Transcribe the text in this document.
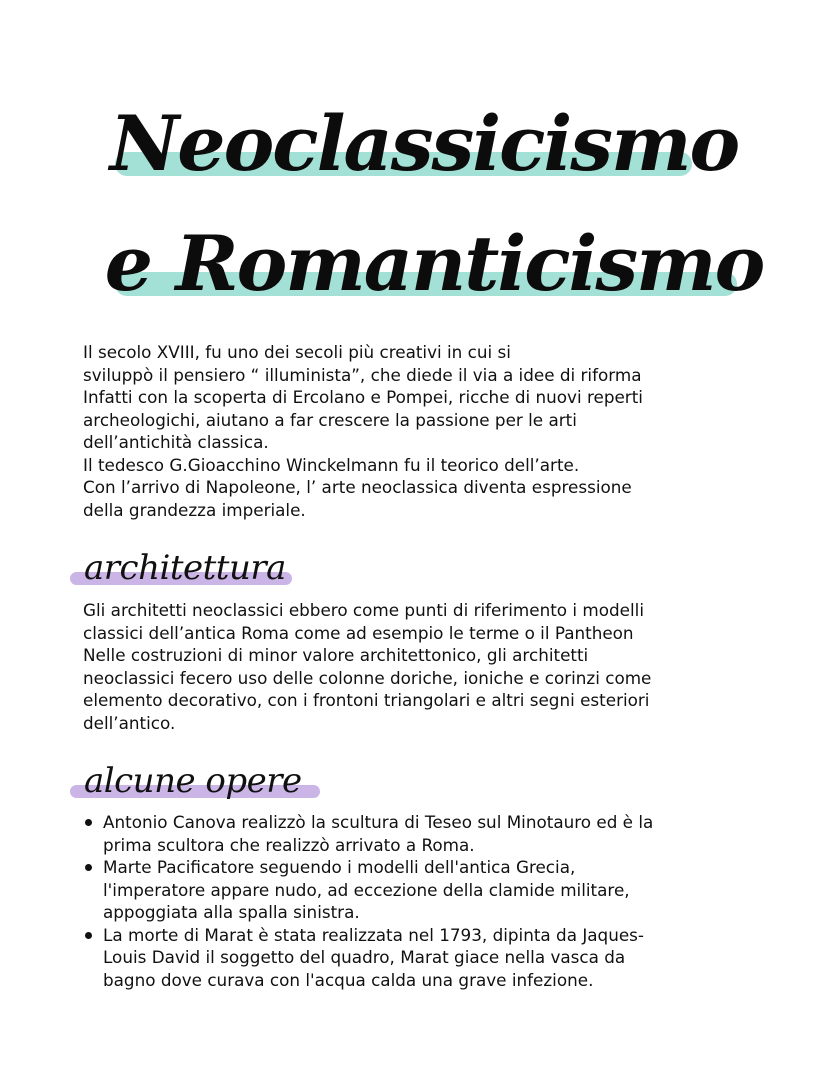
Neoclassicismo
e Romanticismo

Il secolo XVIII, fu uno dei secoli più creativi in cui si
sviluppò il pensiero “ illuminista”, che diede il via a idee di riforma
Infatti con la scoperta di Ercolano e Pompei, ricche di nuovi reperti
archeologichi, aiutano a far crescere la passione per le arti
dell’antichità classica.
Il tedesco G.Gioacchino Winckelmann fu il teorico dell’arte.
Con l’arrivo di Napoleone, l’ arte neoclassica diventa espressione
della grandezza imperiale.

architettura

Gli architetti neoclassici ebbero come punti di riferimento i modelli
classici dell’antica Roma come ad esempio le terme o il Pantheon
Nelle costruzioni di minor valore architettonico, gli architetti
neoclassici fecero uso delle colonne doriche, ioniche e corinzi come
elemento decorativo, con i frontoni triangolari e altri segni esteriori
dell’antico.

alcune opere
Antonio Canova realizzò la scultura di Teseo sul Minotauro ed è la
prima scultora che realizzò arrivato a Roma.
Marte Pacificatore seguendo i modelli dell'antica Grecia,
l'imperatore appare nudo, ad eccezione della clamide militare,
appoggiata alla spalla sinistra.
La morte di Marat è stata realizzata nel 1793, dipinta da Jaques-
Louis David il soggetto del quadro, Marat giace nella vasca da
bagno dove curava con l'acqua calda una grave infezione.
